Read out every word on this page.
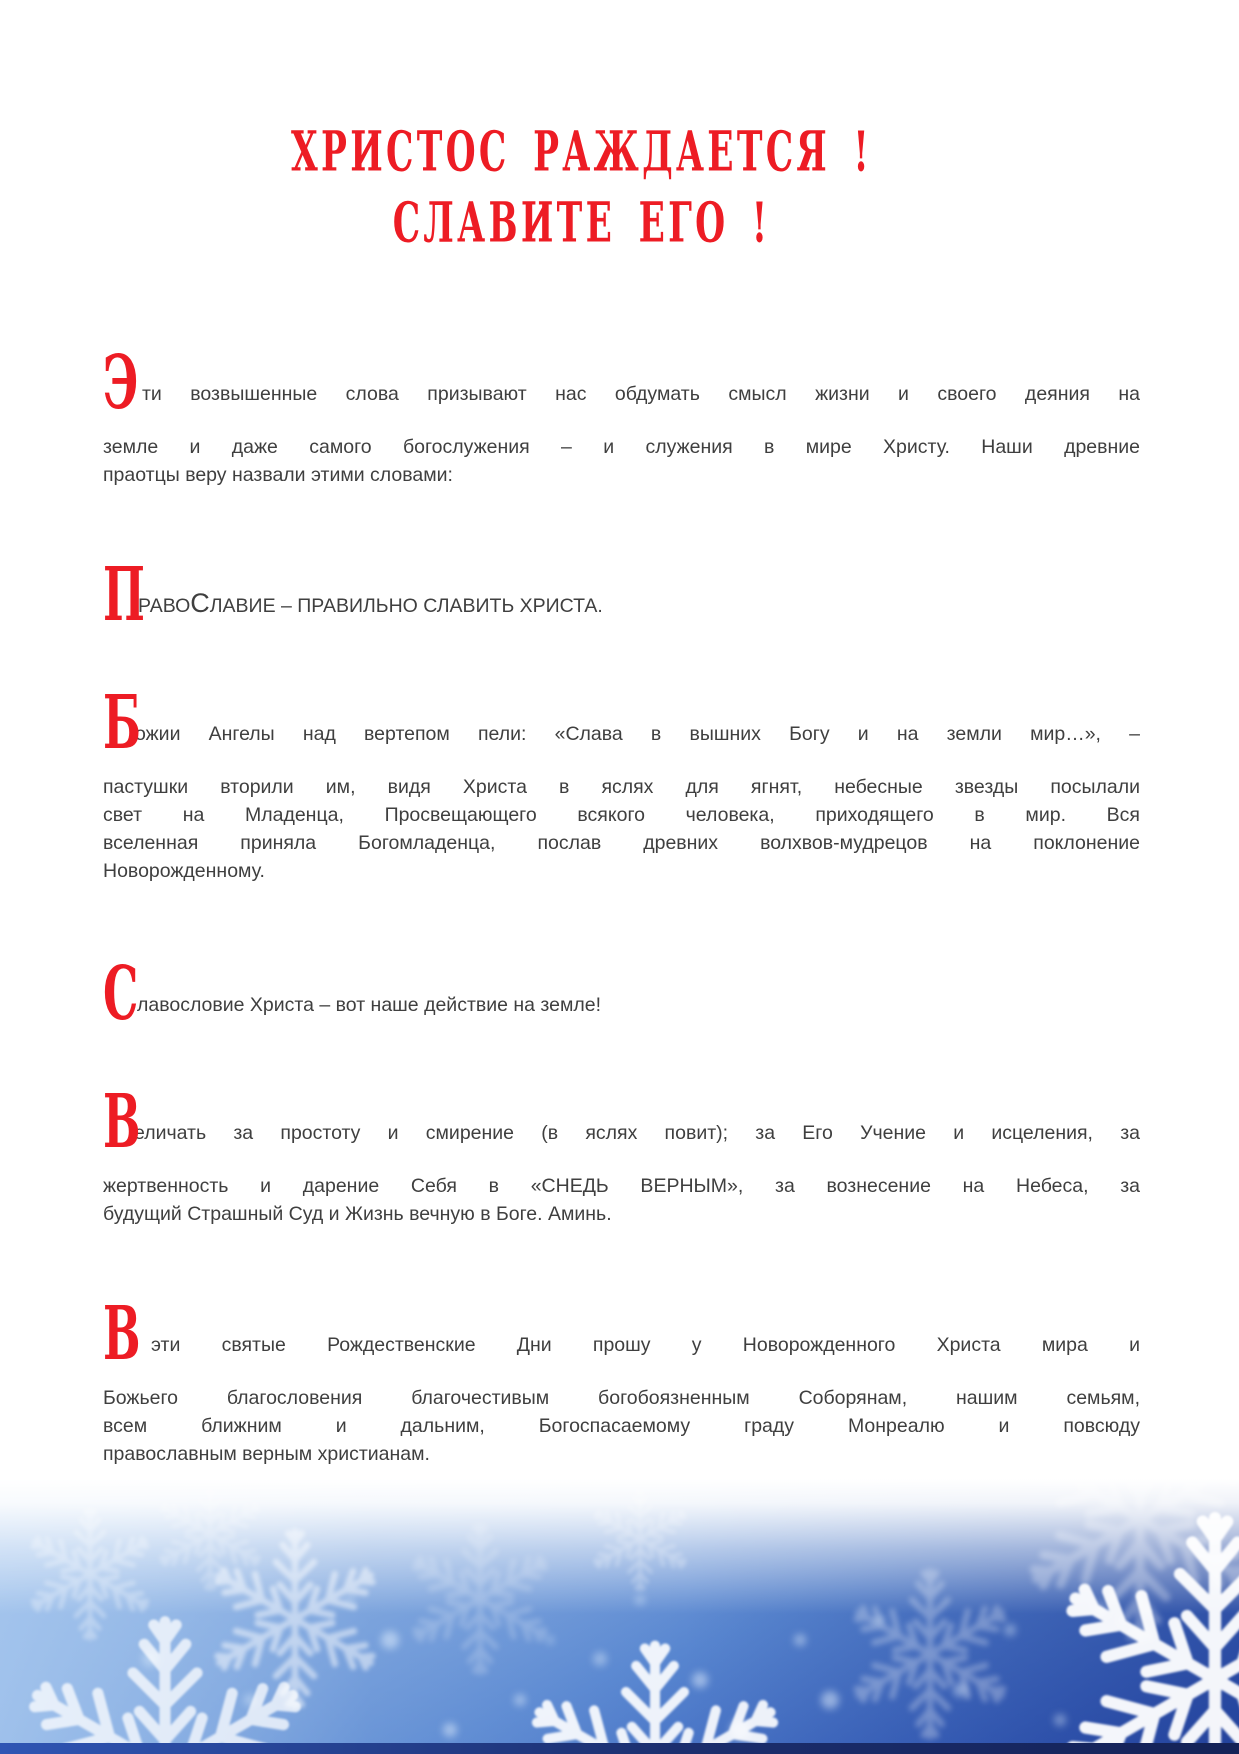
ХРИСТОС РАЖДАЕТСЯ !
СЛАВИТЕ ЕГО !
Э ти возвышенные слова призывают нас обдумать смысл жизни и своего деяния на
земле и даже самого богослужения – и служения в мире Христу. Наши древние
праотцы веру назвали этими словами:
П
РАВОСЛАВИЕ – ПРАВИЛЬНО СЛАВИТЬ ХРИСТА.
Б
ожии Ангелы над вертепом пели: «Слава в вышних Богу и на земли мир…», –
пастушки вторили им, видя Христа в яслях для ягнят, небесные звезды посылали
свет на Младенца, Просвещающего всякого человека, приходящего в мир. Вся
вселенная приняла Богомладенца, послав древних волхвов-мудрецов на поклонение
Новорожденному.
С
лавословие Христа – вот наше действие на земле!
В
еличать за простоту и смирение (в яслях повит); за Его Учение и исцеления, за
жертвенность и дарение Себя в «СНЕДЬ ВЕРНЫМ», за вознесение на Небеса, за
будущий Страшный Суд и Жизнь вечную в Боге. Аминь.
В эти святые Рождественские Дни прошу у Новорожденного Христа мира и
Божьего благословения благочестивым богобоязненным Соборянам, нашим семьям,
всем ближним и дальним, Богоспасаемому граду Монреалю и повсюду
православным верным христианам.
